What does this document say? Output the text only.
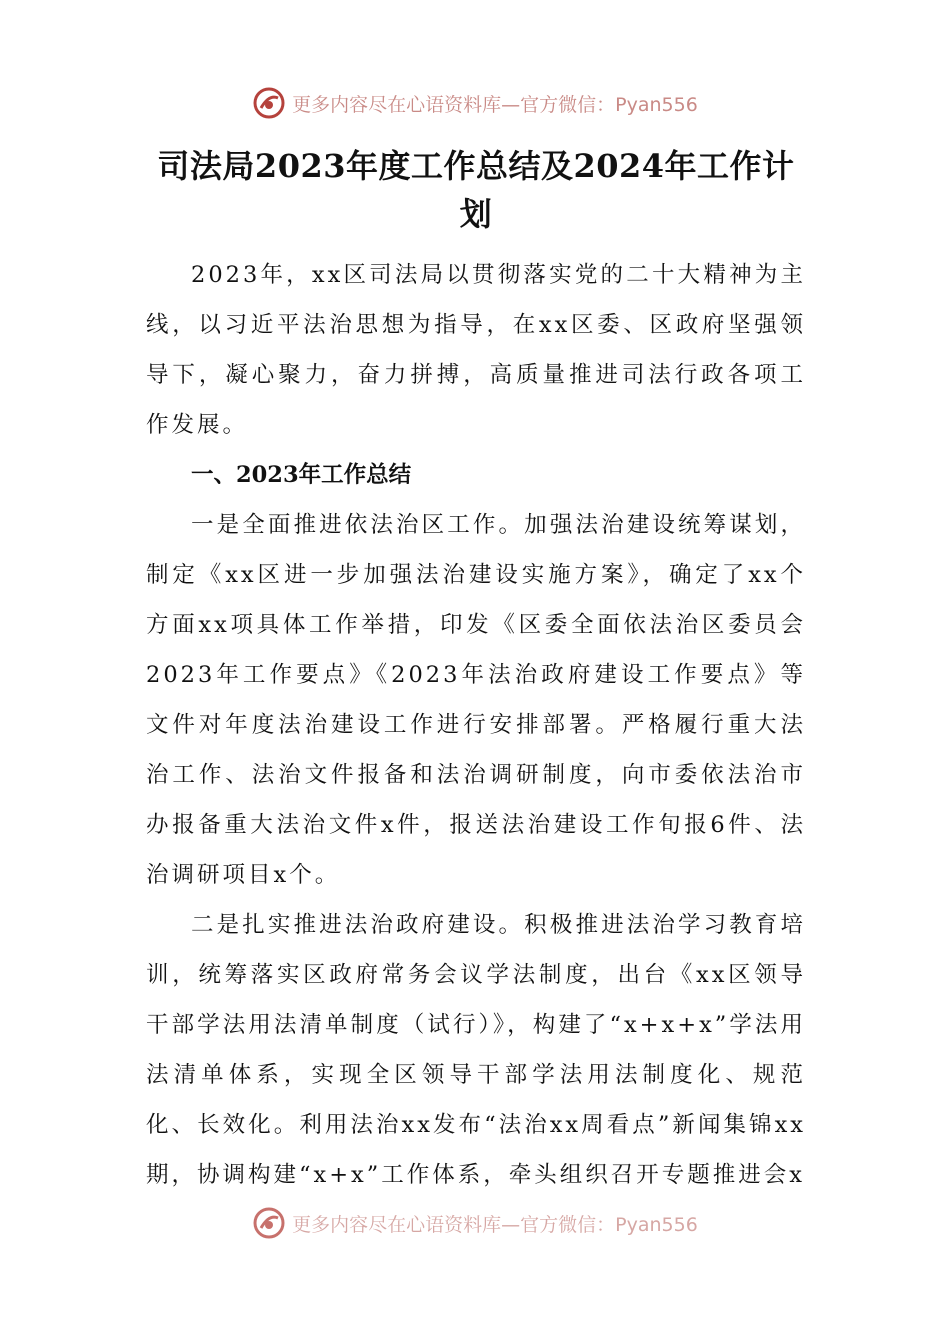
更多内容尽在心语资料库—官方微信：Pyan556
司法局2023年度工作总结及2024年工作计划

2023年，xx区司法局以贯彻落实党的二十大精神为主线，以习近平法治思想为指导，在xx区委、区政府坚强领导下，凝心聚力，奋力拼搏，高质量推进司法行政各项工作发展。

一、2023年工作总结

一是全面推进依法治区工作。加强法治建设统筹谋划，制定《xx区进一步加强法治建设实施方案》，确定了xx个方面xx项具体工作举措，印发《区委全面依法治区委员会2023年工作要点》《2023年法治政府建设工作要点》等文件对年度法治建设工作进行安排部署。严格履行重大法治工作、法治文件报备和法治调研制度，向市委依法治市办报备重大法治文件x件，报送法治建设工作旬报6件、法治调研项目x个。

二是扎实推进法治政府建设。积极推进法治学习教育培训，统筹落实区政府常务会议学法制度，出台《xx区领导干部学法用法清单制度（试行）》，构建了“x+x+x”学法用法清单体系，实现全区领导干部学法用法制度化、规范化、长效化。利用法治xx发布“法治xx周看点”新闻集锦xx期，协调构建“x+x”工作体系，牵头组织召开专题推进会x

更多内容尽在心语资料库—官方微信：Pyan556
